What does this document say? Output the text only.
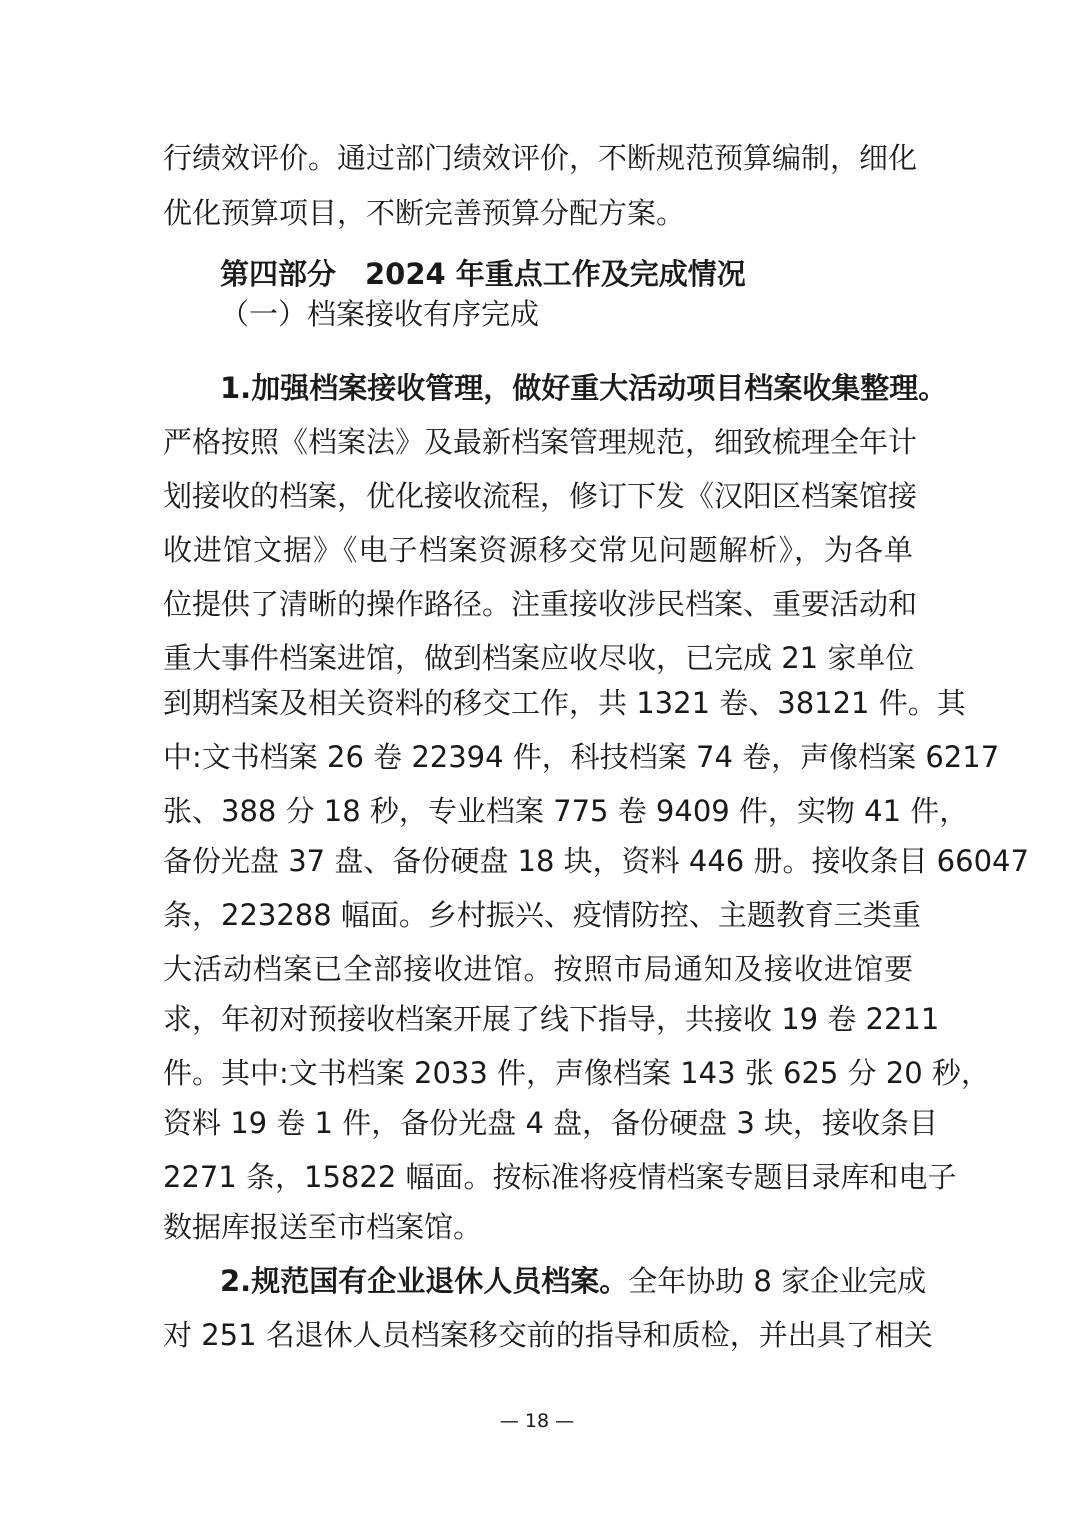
行绩效评价。通过部门绩效评价，不断规范预算编制，细化
优化预算项目，不断完善预算分配方案。
第四部分　2024 年重点工作及完成情况
（一）档案接收有序完成
1.加强档案接收管理，做好重大活动项目档案收集整理。
严格按照《档案法》及最新档案管理规范，细致梳理全年计
划接收的档案，优化接收流程，修订下发《汉阳区档案馆接
收进馆文据》《电子档案资源移交常见问题解析》，为各单
位提供了清晰的操作路径。注重接收涉民档案、重要活动和
重大事件档案进馆，做到档案应收尽收，已完成 21 家单位
到期档案及相关资料的移交工作，共 1321 卷、38121 件。其
中:文书档案 26 卷 22394 件，科技档案 74 卷，声像档案 6217
张、388 分 18 秒，专业档案 775 卷 9409 件，实物 41 件，
备份光盘 37 盘、备份硬盘 18 块，资料 446 册。接收条目 66047
条，223288 幅面。乡村振兴、疫情防控、主题教育三类重
大活动档案已全部接收进馆。按照市局通知及接收进馆要
求，年初对预接收档案开展了线下指导，共接收 19 卷 2211
件。其中:文书档案 2033 件，声像档案 143 张 625 分 20 秒，
资料 19 卷 1 件，备份光盘 4 盘，备份硬盘 3 块，接收条目
2271 条，15822 幅面。按标准将疫情档案专题目录库和电子
数据库报送至市档案馆。
2.规范国有企业退休人员档案。全年协助 8 家企业完成
对 251 名退休人员档案移交前的指导和质检，并出具了相关
— 18 —
